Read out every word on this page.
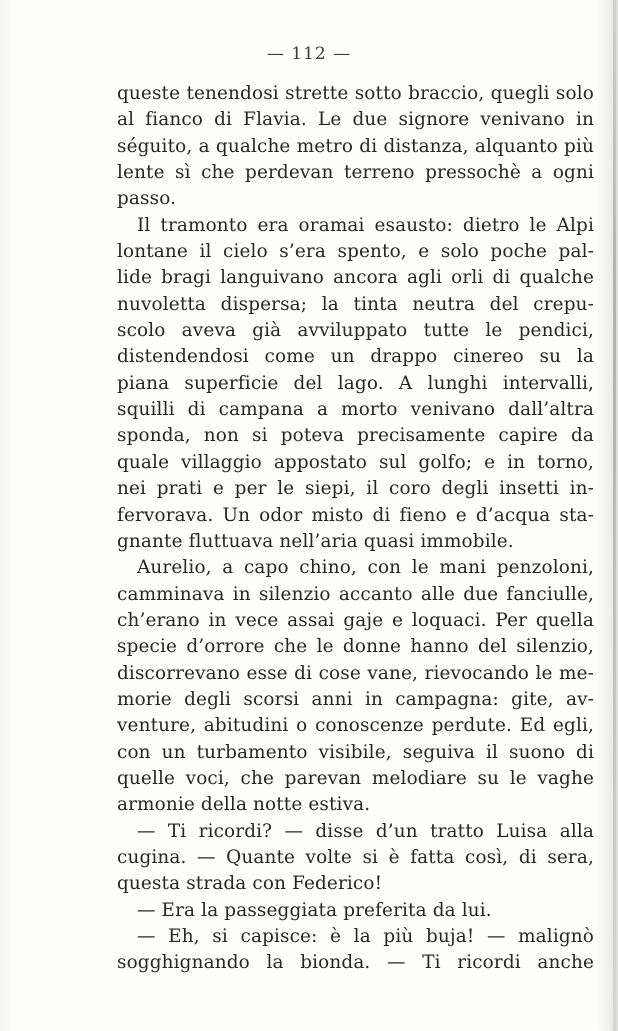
— 112 —
queste tenendosi strette sotto braccio, quegli solo
al fianco di Flavia. Le due signore venivano in
séguito, a qualche metro di distanza, alquanto più
lente sì che perdevan terreno pressochè a ogni
passo.
Il tramonto era oramai esausto: dietro le Alpi
lontane il cielo s’era spento, e solo poche pal-
lide bragi languivano ancora agli orli di qualche
nuvoletta dispersa; la tinta neutra del crepu-
scolo aveva già avviluppato tutte le pendici,
distendendosi come un drappo cinereo su la
piana superficie del lago. A lunghi intervalli,
squilli di campana a morto venivano dall’altra
sponda, non si poteva precisamente capire da
quale villaggio appostato sul golfo; e in torno,
nei prati e per le siepi, il coro degli insetti in-
fervorava. Un odor misto di fieno e d’acqua sta-
gnante fluttuava nell’aria quasi immobile.
Aurelio, a capo chino, con le mani penzoloni,
camminava in silenzio accanto alle due fanciulle,
ch’erano in vece assai gaje e loquaci. Per quella
specie d’orrore che le donne hanno del silenzio,
discorrevano esse di cose vane, rievocando le me-
morie degli scorsi anni in campagna: gite, av-
venture, abitudini o conoscenze perdute. Ed egli,
con un turbamento visibile, seguiva il suono di
quelle voci, che parevan melodiare su le vaghe
armonie della notte estiva.
— Ti ricordi? — disse d’un tratto Luisa alla
cugina. — Quante volte si è fatta così, di sera,
questa strada con Federico!
— Era la passeggiata preferita da lui.
— Eh, si capisce: è la più buja! — malignò
sogghignando la bionda. — Ti ricordi anche
